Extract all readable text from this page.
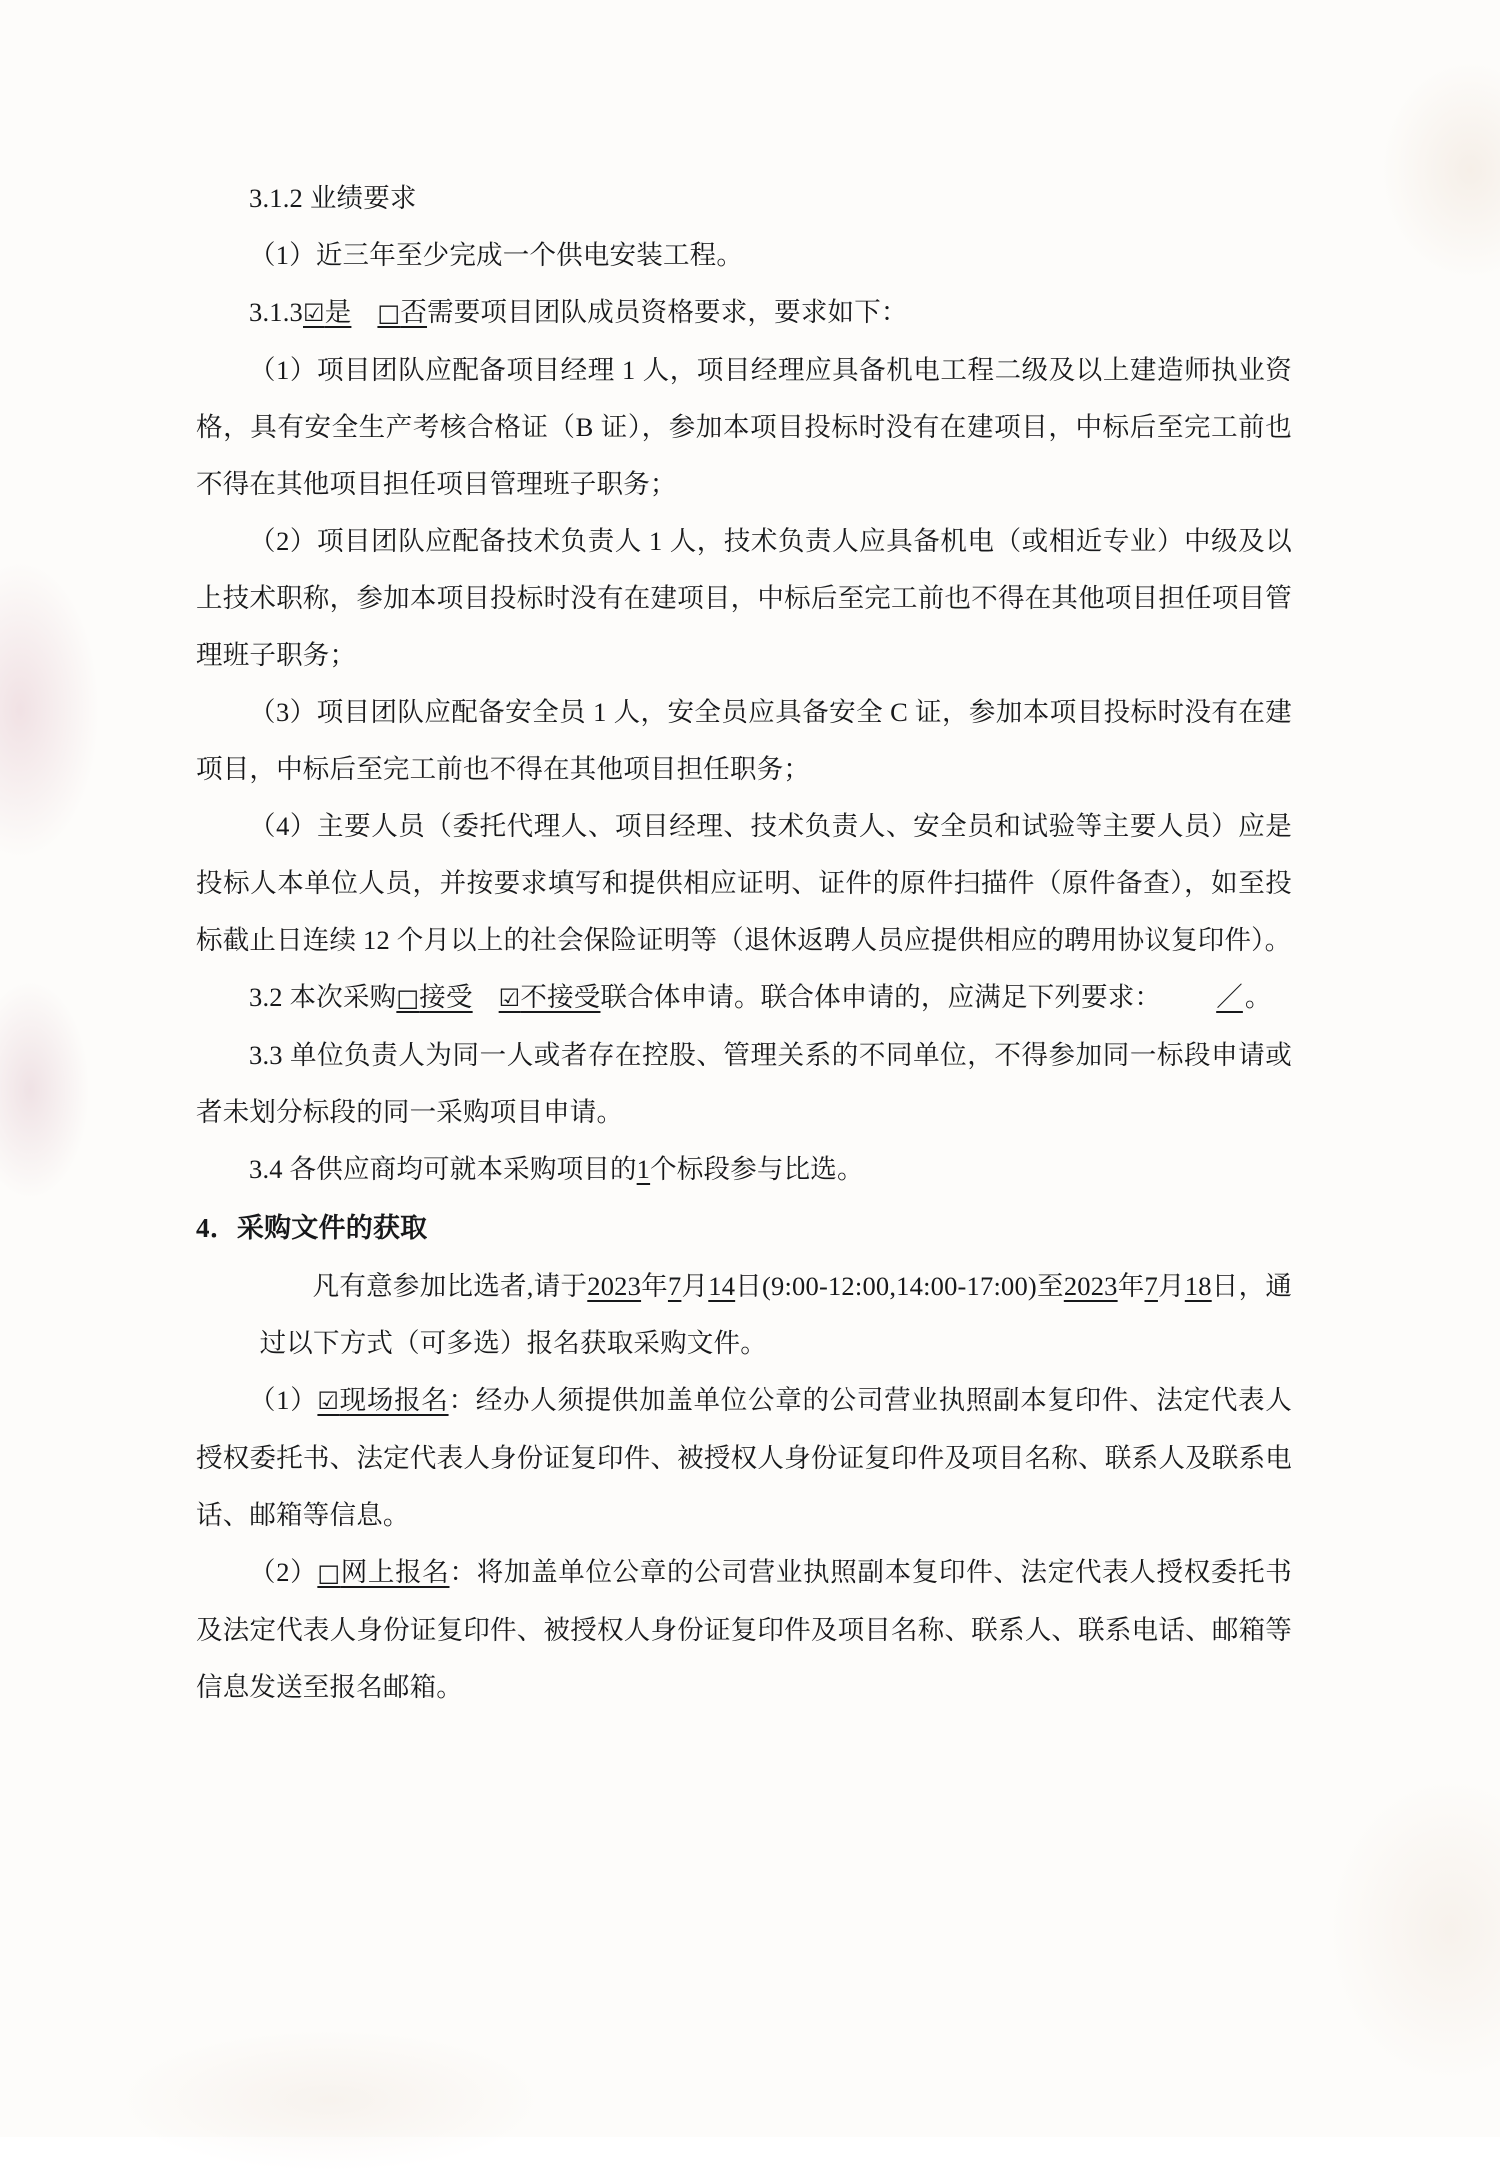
3.1.2 业绩要求

（1）近三年至少完成一个供电安装工程。

3.1.3☑是 □否需要项目团队成员资格要求，要求如下：

（1）项目团队应配备项目经理 1 人，项目经理应具备机电工程二级及以上建造师执业资格，具有安全生产考核合格证（B 证），参加本项目投标时没有在建项目，中标后至完工前也不得在其他项目担任项目管理班子职务；

（2）项目团队应配备技术负责人 1 人，技术负责人应具备机电（或相近专业）中级及以上技术职称，参加本项目投标时没有在建项目，中标后至完工前也不得在其他项目担任项目管理班子职务；

（3）项目团队应配备安全员 1 人，安全员应具备安全 C 证，参加本项目投标时没有在建项目，中标后至完工前也不得在其他项目担任职务；

（4）主要人员（委托代理人、项目经理、技术负责人、安全员和试验等主要人员）应是投标人本单位人员，并按要求填写和提供相应证明、证件的原件扫描件（原件备查），如至投标截止日连续 12 个月以上的社会保险证明等（退休返聘人员应提供相应的聘用协议复印件）。

3.2 本次采购□接受 ☑不接受联合体申请。联合体申请的，应满足下列要求： ／。

3.3 单位负责人为同一人或者存在控股、管理关系的不同单位，不得参加同一标段申请或者未划分标段的同一采购项目申请。

3.4 各供应商均可就本采购项目的1个标段参与比选。

4．采购文件的获取

凡有意参加比选者,请于2023年7月14日(9:00-12:00,14:00-17:00)至2023年7月18日，通过以下方式（可多选）报名获取采购文件。

（1）☑现场报名：经办人须提供加盖单位公章的公司营业执照副本复印件、法定代表人授权委托书、法定代表人身份证复印件、被授权人身份证复印件及项目名称、联系人及联系电话、邮箱等信息。

（2）□网上报名：将加盖单位公章的公司营业执照副本复印件、法定代表人授权委托书及法定代表人身份证复印件、被授权人身份证复印件及项目名称、联系人、联系电话、邮箱等信息发送至报名邮箱。
